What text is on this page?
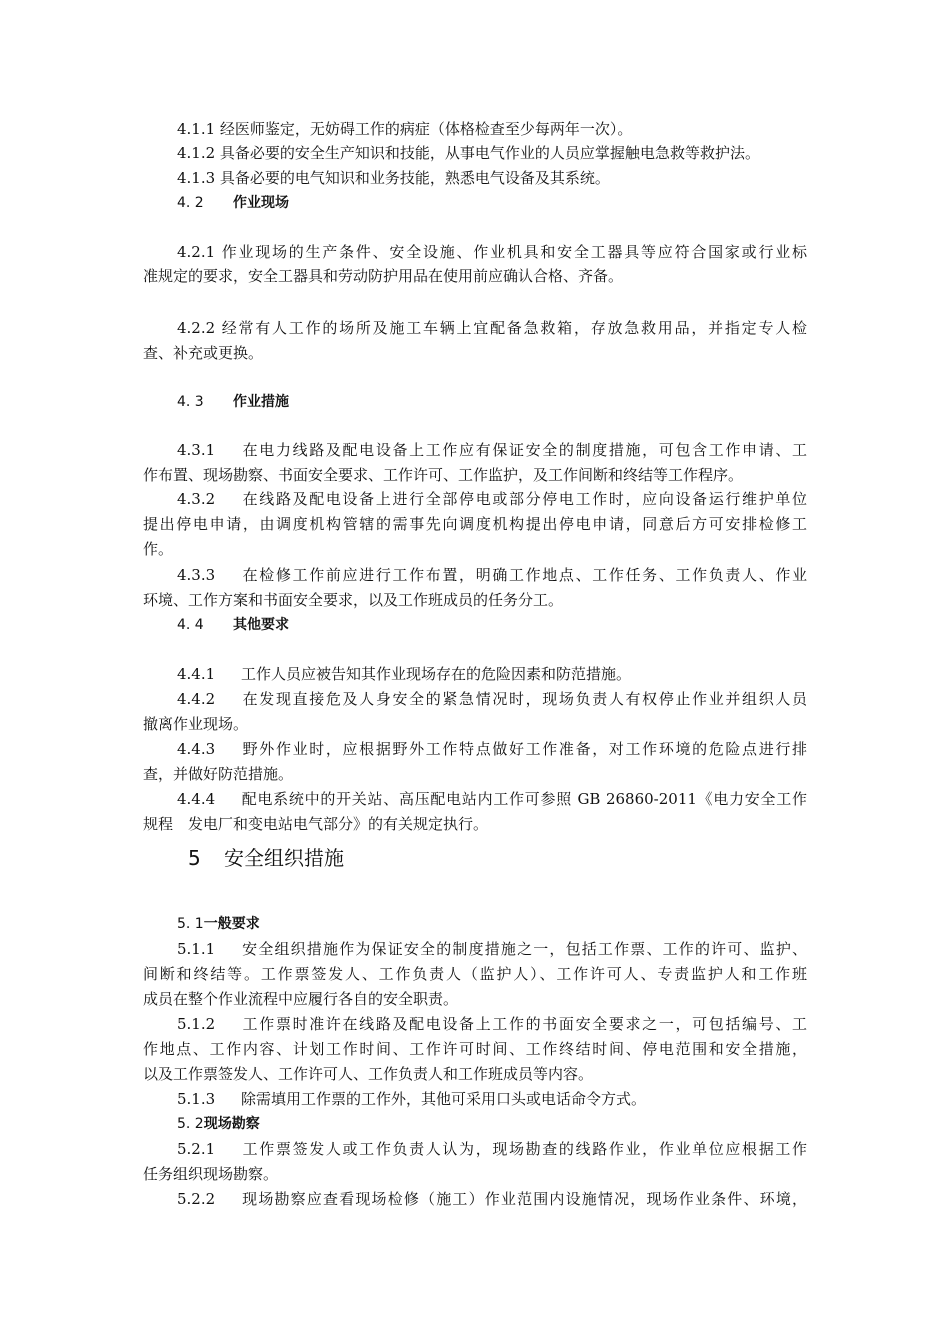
4.1.1 经医师鉴定，无妨碍工作的病症（体格检查至少每两年一次）。
4.1.2 具备必要的安全生产知识和技能，从事电气作业的人员应掌握触电急救等救护法。
4.1.3 具备必要的电气知识和业务技能，熟悉电气设备及其系统。
4. 2 作业现场
4.2.1 作业现场的生产条件、安全设施、作业机具和安全工器具等应符合国家或行业标
准规定的要求，安全工器具和劳动防护用品在使用前应确认合格、齐备。
4.2.2 经常有人工作的场所及施工车辆上宜配备急救箱，存放急救用品，并指定专人检
查、补充或更换。
4. 3 作业措施
4.3.1 在电力线路及配电设备上工作应有保证安全的制度措施，可包含工作申请、工
作布置、现场勘察、书面安全要求、工作许可、工作监护，及工作间断和终结等工作程序。
4.3.2 在线路及配电设备上进行全部停电或部分停电工作时，应向设备运行维护单位
提出停电申请，由调度机构管辖的需事先向调度机构提出停电申请，同意后方可安排检修工
作。
4.3.3 在检修工作前应进行工作布置，明确工作地点、工作任务、工作负责人、作业
环境、工作方案和书面安全要求，以及工作班成员的任务分工。
4. 4 其他要求
4.4.1 工作人员应被告知其作业现场存在的危险因素和防范措施。
4.4.2 在发现直接危及人身安全的紧急情况时，现场负责人有权停止作业并组织人员
撤离作业现场。
4.4.3 野外作业时，应根据野外工作特点做好工作准备，对工作环境的危险点进行排
查，并做好防范措施。
4.4.4 配电系统中的开关站、高压配电站内工作可参照 GB 26860-2011《电力安全工作
规程　发电厂和变电站电气部分》的有关规定执行。
5 安全组织措施
5. 1一般要求
5.1.1 安全组织措施作为保证安全的制度措施之一，包括工作票、工作的许可、监护、
间断和终结等。工作票签发人、工作负责人（监护人）、工作许可人、专责监护人和工作班
成员在整个作业流程中应履行各自的安全职责。
5.1.2 工作票时准许在线路及配电设备上工作的书面安全要求之一，可包括编号、工
作地点、工作内容、计划工作时间、工作许可时间、工作终结时间、停电范围和安全措施，
以及工作票签发人、工作许可人、工作负责人和工作班成员等内容。
5.1.3 除需填用工作票的工作外，其他可采用口头或电话命令方式。
5. 2现场勘察
5.2.1 工作票签发人或工作负责人认为，现场勘查的线路作业，作业单位应根据工作
任务组织现场勘察。
5.2.2 现场勘察应查看现场检修（施工）作业范围内设施情况，现场作业条件、环境，
